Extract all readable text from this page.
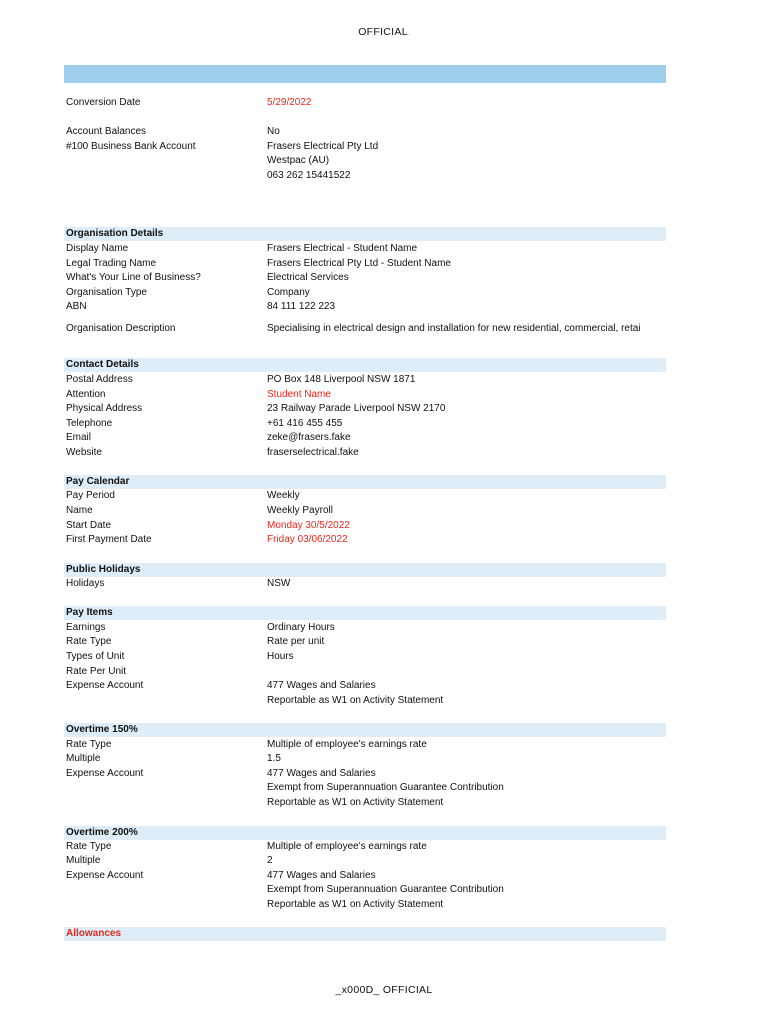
OFFICIAL.
Conversion Date	5/29/2022
Account Balances	No
#100 Business Bank Account	Frasers Electrical Pty Ltd
Westpac (AU)
063 262 15441522
Organisation Details
Display Name	Frasers Electrical - Student Name
Legal Trading Name	Frasers Electrical Pty Ltd - Student Name
What's Your Line of Business?	Electrical Services
Organisation Type	Company
ABN	84 111 122 223
Organisation Description	Specialising in electrical design and installation for new residential, commercial, retai
Contact Details
Postal Address	PO Box 148 Liverpool NSW 1871
Attention	Student Name
Physical Address	23 Railway Parade Liverpool NSW 2170
Telephone	+61 416 455 455
Email	zeke@frasers.fake
Website	fraserselectrical.fake
Pay Calendar
Pay Period	Weekly
Name	Weekly Payroll
Start Date	Monday 30/5/2022
First Payment Date	Friday 03/06/2022
Public Holidays
Holidays	NSW
Pay Items
Earnings	Ordinary Hours
Rate Type	Rate per unit
Types of Unit	Hours
Rate Per Unit
Expense Account	477 Wages and Salaries
Reportable as W1 on Activity Statement
Overtime 150%
Rate Type	Multiple of employee's earnings rate
Multiple	1.5
Expense Account	477 Wages and Salaries
Exempt from Superannuation Guarantee Contribution
Reportable as W1 on Activity Statement
Overtime 200%
Rate Type	Multiple of employee's earnings rate
Multiple	2
Expense Account	477 Wages and Salaries
Exempt from Superannuation Guarantee Contribution
Reportable as W1 on Activity Statement
Allowances
_x000D_ OFFICIAL
